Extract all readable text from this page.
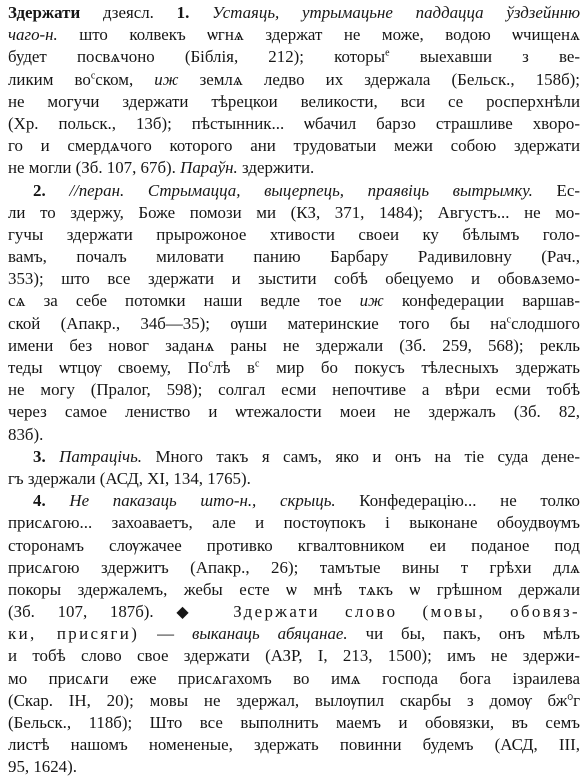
Здержати дзеясл. 1. Устаяць, утрымацьне паддацца ўздзейнню
чаго-н. што колвекъ ѡгнѧ здержат не може, водою ѡчищенѧ
будет посвѧчоно (Біблія, 212); которы$^е$ выехавши з ве-
ликим $во^сском$, иж землѧ ледво их здержала (Бельск., 158б);
не могучи здержати тѣрецкои великости, вси се росперхнѣли
(Хр. польск., 13б); пѣстынник... ѡбачил барзо страшливе хворо-
го и смердѧчого которого ани трудоватыи межи собою здержати
не могли (Зб. 107, 67б). Параўн. здержити.
2. //перан. Стрымацца, выцерпець, праявіць вытрымку. Ес-
ли то здержу, Боже помози ми (КЗ, 371, 1484); Августъ... не мо-
гучы здержати прырожоное хтивости своеи ку бѣлымъ голо-
вамъ, почалъ миловати панию Барбару Радивиловну (Рач.,
353); што все здержати и зыстити собѣ обецуемо и обовѧземо-
сѧ за себе потомки наши ведле тое иж конфедерации варшав-
ской (Апакр., 34б—35); ѹши материнские того бы $на^сслодшого$
имени без новог заданѧ раны не здержали (Зб. 259, 568); рекль
теды ѡтцѹ своему, $По^слѣ$ $в^с$ мир бо покусъ тѣлесныхъ здержать
не могу (Пралог, 598); солгал есми непочтиве а вѣри есми тобѣ
через самое лениство и ѡтежалости моеи не здержалъ (Зб. 82,
83б).
3. Патрацічь. Много такъ я самъ, яко и онъ на тіе суда дене-
гъ здержали (АСД, XI, 134, 1765).
4. Не паказаць што-н., скрыць. Конфедерацію... не толко
присѧгою... захоаваетъ, але и постѹпокъ і выконане обоудвѹмъ
сторонамъ слѹжачее противко кгвалтовником еи поданое под
присѧгою здержитъ (Апакр., 26); тамътые вины т грѣхи длѧ
покоры здержалемъ, жебы есте ѡ мнѣ тѧкъ ѡ грѣшном держали
(Зб. 107, 187б). ◆ Здержати слово (мовы, обовяз-
ки, присяги) — выканаць абяцанае. чи бы, пакъ, онъ мѣлъ
и тобѣ слово свое здержати (АЗР, I, 213, 1500); имъ не здержи-
мо присѧги еже присѧгахомъ во имѧ господа бога ізраилева
(Скар. ІН, 20); мовы не здержал, вылѹпил скарбы з домѹ $бж^ѻг$
(Бельск., 118б); Што все выполнить маемъ и обовязки, въ семъ
листѣ нашомъ номененые, здержать повинни будемъ (АСД, III,
95, 1624).
